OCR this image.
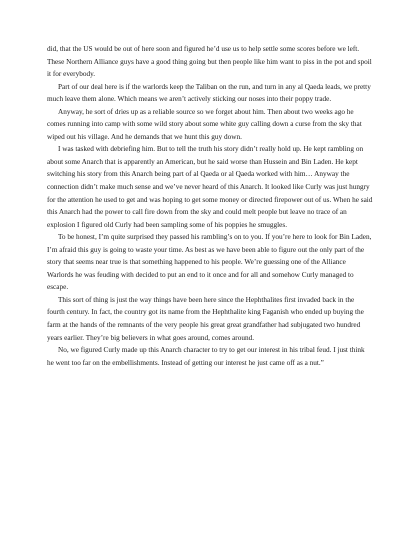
did, that the US would be out of here soon and figured he’d use us to help settle some scores before we left. These Northern Alliance guys have a good thing going but then people like him want to piss in the pot and spoil it for everybody.

Part of our deal here is if the warlords keep the Taliban on the run, and turn in any al Qaeda leads, we pretty much leave them alone. Which means we aren’t actively sticking our noses into their poppy trade.

Anyway, he sort of dries up as a reliable source so we forget about him. Then about two weeks ago he comes running into camp with some wild story about some white guy calling down a curse from the sky that wiped out his village. And he demands that we hunt this guy down.

I was tasked with debriefing him. But to tell the truth his story didn’t really hold up. He kept rambling on about some Anarch that is apparently an American, but he said worse than Hussein and Bin Laden. He kept switching his story from this Anarch being part of al Qaeda or al Qaeda worked with him… Anyway the connection didn’t make much sense and we’ve never heard of this Anarch. It looked like Curly was just hungry for the attention he used to get and was hoping to get some money or directed firepower out of us. When he said this Anarch had the power to call fire down from the sky and could melt people but leave no trace of an explosion I figured old Curly had been sampling some of his poppies he smuggles.

To be honest, I’m quite surprised they passed his rambling’s on to you. If you’re here to look for Bin Laden, I’m afraid this guy is going to waste your time. As best as we have been able to figure out the only part of the story that seems near true is that something happened to his people. We’re guessing one of the Alliance Warlords he was feuding with decided to put an end to it once and for all and somehow Curly managed to escape.

This sort of thing is just the way things have been here since the Hephthalites first invaded back in the fourth century. In fact, the country got its name from the Hephthalite king Faganish who ended up buying the farm at the hands of the remnants of the very people his great great grandfather had subjugated two hundred years earlier. They’re big believers in what goes around, comes around.

No, we figured Curly made up this Anarch character to try to get our interest in his tribal feud. I just think he went too far on the embellishments. Instead of getting our interest he just came off as a nut.”
